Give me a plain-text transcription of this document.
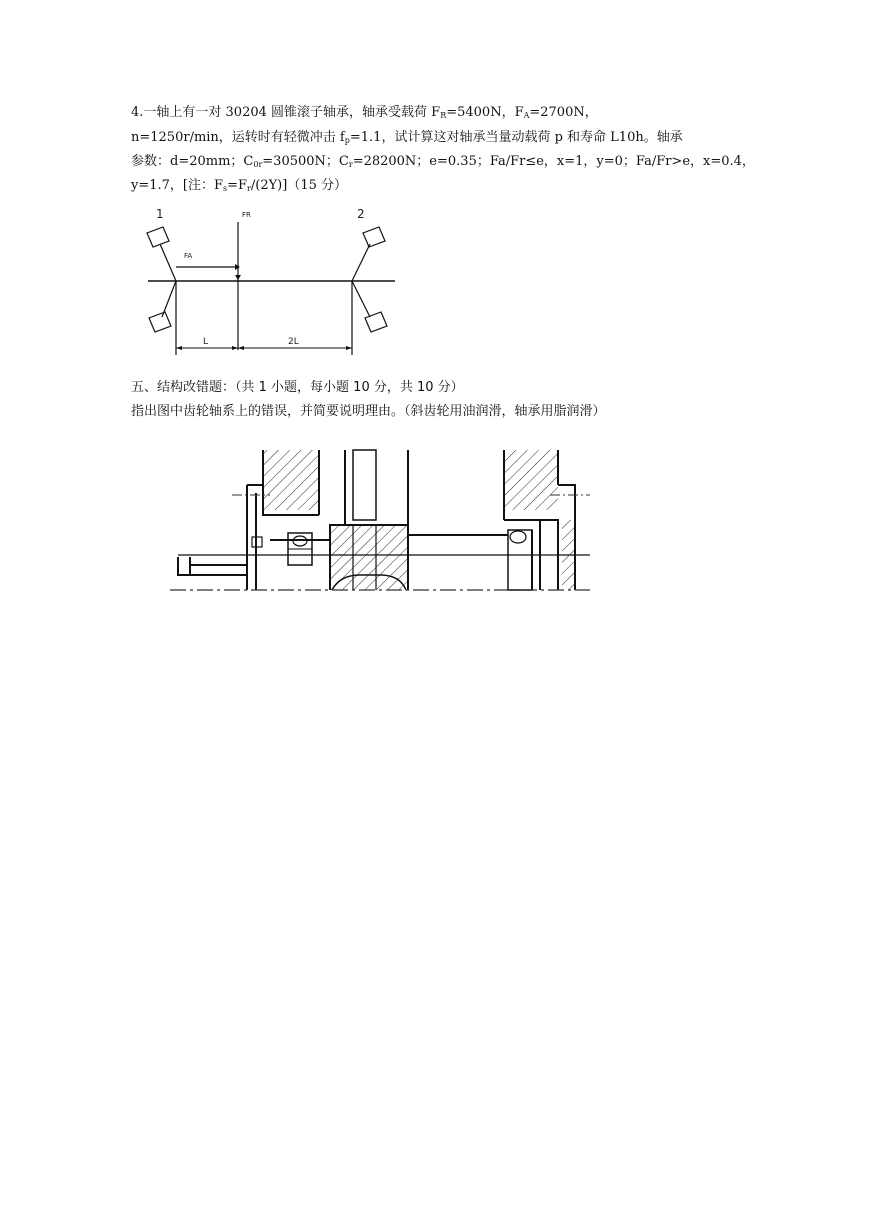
4.一轴上有一对 30204 圆锥滚子轴承，轴承受载荷 $F_R=5400N$，$F_A=2700N$，
n=1250r/min，运转时有轻微冲击 $f_p=1.1$，试计算这对轴承当量动载荷 p 和寿命 L10h。轴承
参数：d=20mm；$C_{0r}=30500N$；$C_r=28200N$；e=0.35；Fa/Fr≤e，x=1，y=0；Fa/Fr>e，x=0.4，
y=1.7，[注：$F_s=F_r/(2Y)](15$ 分）
1	2
FR
FA
L	2L
五、结构改错题：（共 1 小题，每小题 10 分，共 10 分）
指出图中齿轮轴系上的错误，并简要说明理由。（斜齿轮用油润滑，轴承用脂润滑）
